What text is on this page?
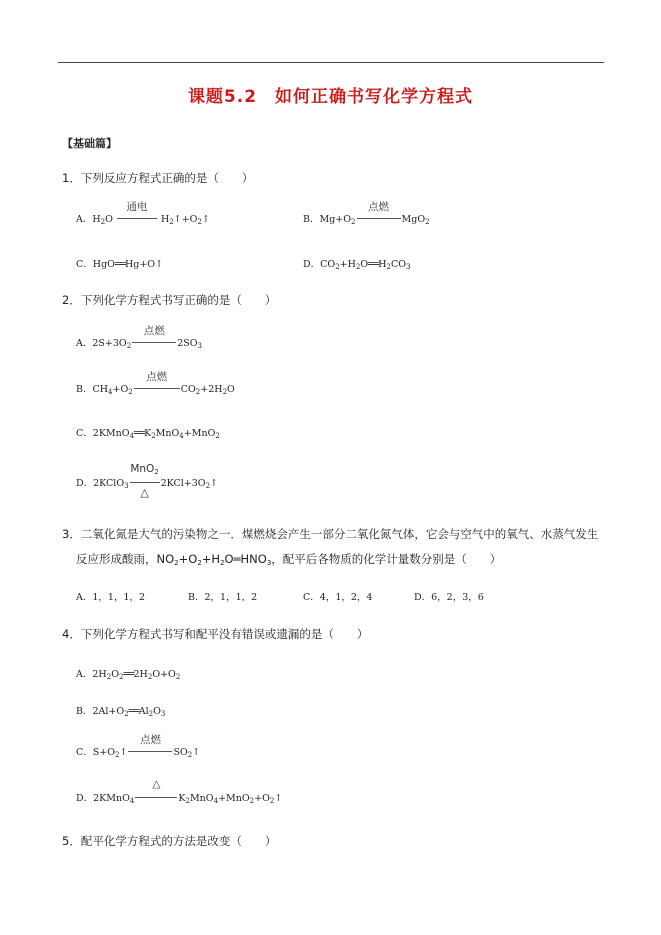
课题5.2　如何正确书写化学方程式
【基础篇】
1．下列反应方程式正确的是（　　）
A．$H_2O$
通电
$H_2↑+O_2↑$	B．$Mg+O_2$
点燃
MgO$_2$
C．HgO══Hg+O↑	D．$CO_2+H_2O══H_2CO_3$
2．下列化学方程式书写正确的是（　　）
A．$2S+3O_2$
点燃
$2SO_3$
B．$CH_4+O_2$
点燃
$CO_2+2H_2O$
C．$2KMnO_4══K_2MnO_4+MnO_2$
D．2KClO$_3$
MnO$_2$
△
$2KCl+3O_2↑$
3．二氧化氮是大气的污染物之一．煤燃烧会产生一部分二氧化氮气体，它会与空气中的氧气、水蒸气发生
反应形成酸雨，$NO_2+O_2+H_2O═HNO_3$，配平后各物质的化学计量数分别是（　　）
A．1，1，1，2	B．2，1，1，2	C．4，1，2，4	D．6，2，3，6
4．下列化学方程式书写和配平没有错误或遗漏的是（　　）
A．$2H_2O_2══2H_2O+O_2$
B．$2Al+O_2══Al_2O_3$
C．$S+O_2↑$
点燃
$SO_2↑$
D．2KMnO$_4$
△
$K_2MnO_4+MnO_2+O_2↑$
5．配平化学方程式的方法是改变（　　）
